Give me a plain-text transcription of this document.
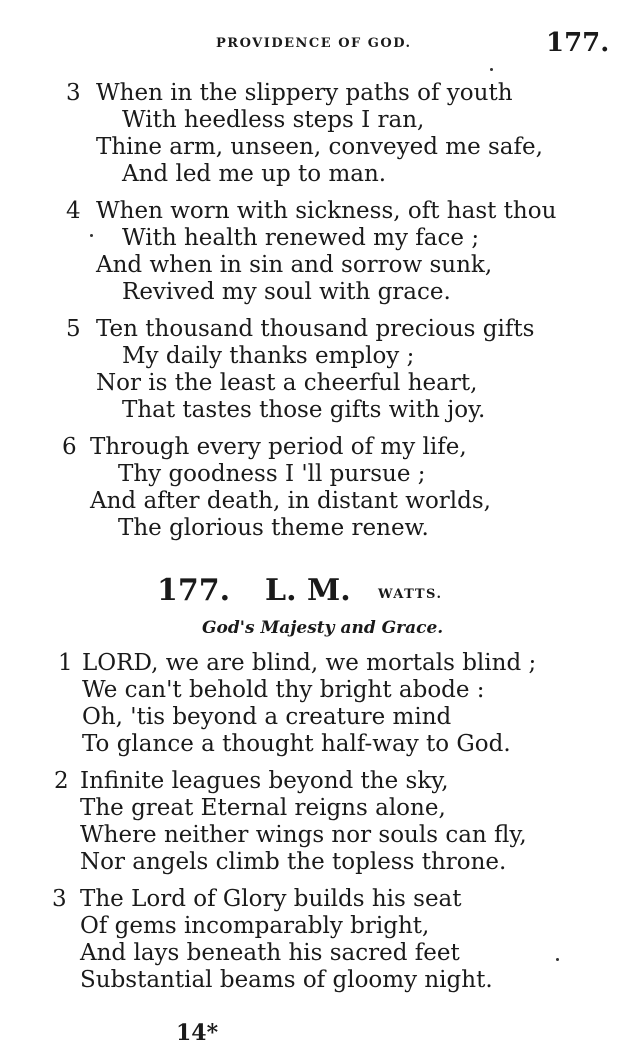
PROVIDENCE OF GOD.	177.
3 When in the slippery paths of youth
With heedless steps I ran,
Thine arm, unseen, conveyed me safe,
And led me up to man.
4 When worn with sickness, oft hast thou
With health renewed my face ;
And when in sin and sorrow sunk,
Revived my soul with grace.
5 Ten thousand thousand precious gifts
My daily thanks employ ;
Nor is the least a cheerful heart,
That tastes those gifts with joy.
6 Through every period of my life,
Thy goodness I 'll pursue ;
And after death, in distant worlds,
The glorious theme renew.
177. L. M. WATTS.
God's Majesty and Grace.
1 LORD, we are blind, we mortals blind ;
We can't behold thy bright abode :
Oh, 'tis beyond a creature mind
To glance a thought half-way to God.
2 Infinite leagues beyond the sky,
The great Eternal reigns alone,
Where neither wings nor souls can fly,
Nor angels climb the topless throne.
3 The Lord of Glory builds his seat
Of gems incomparably bright,
And lays beneath his sacred feet
Substantial beams of gloomy night.
14*
